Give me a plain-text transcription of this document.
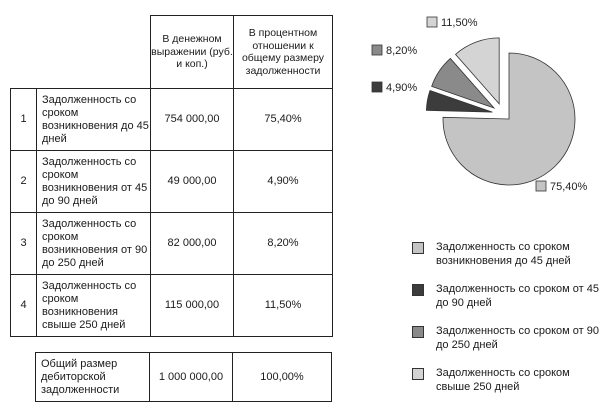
		В денежном выражении (руб. и коп.)	В процентном отношении к общему размеру задолженности
1	Задолженность со сроком возникновения до 45 дней	754 000,00	75,40%
2	Задолженность со сроком возникновения от 45 до 90 дней	49 000,00	4,90%
3	Задолженность со сроком возникновения от 90 до 250 дней	82 000,00	8,20%
4	Задолженность со сроком возникновения свыше 250 дней	115 000,00	11,50%
Общий размер дебиторской задолженности	1 000 000,00	100,00%
75,40%
4,90%
8,20%
11,50%
Задолженность со сроком возникновения до 45 дней
Задолженность со сроком от 45 до 90 дней
Задолженность со сроком от 90 до 250 дней
Задолженность со сроком свыше 250 дней
